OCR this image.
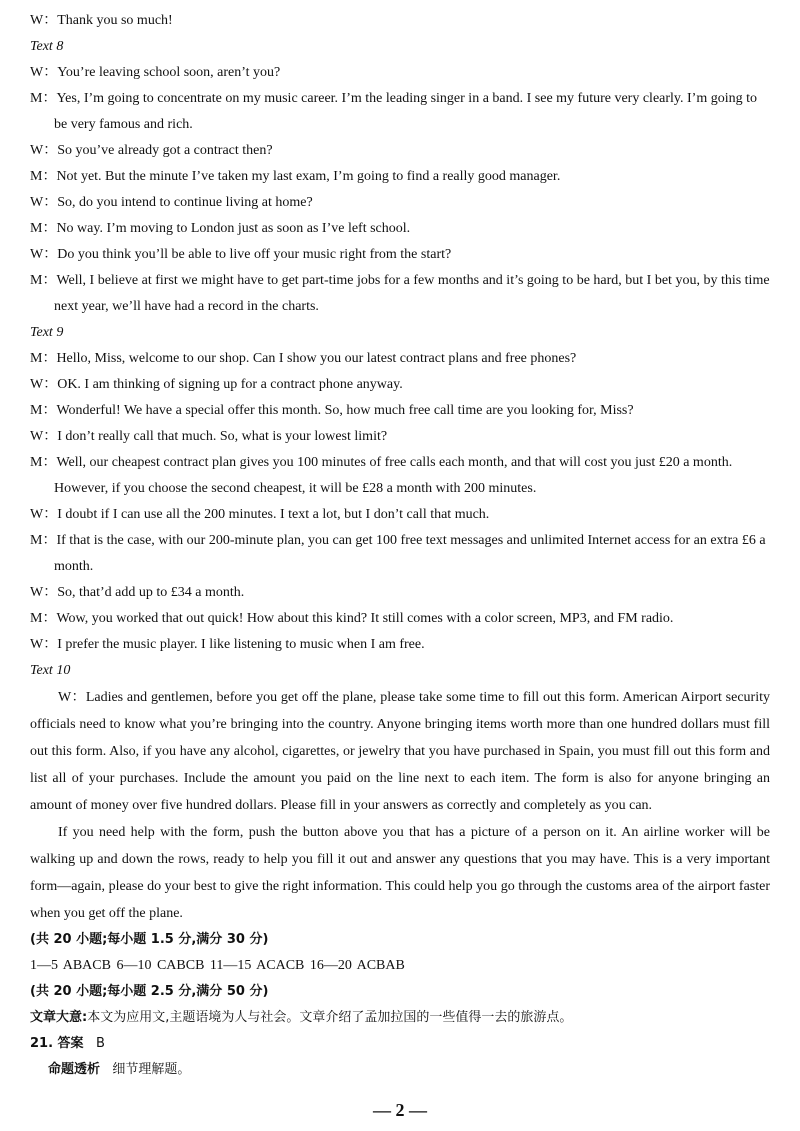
W：Thank you so much!
Text 8
W：You’re leaving school soon, aren’t you?
M：Yes, I’m going to concentrate on my music career. I’m the leading singer in a band. I see my future very clearly. I’m going to be very famous and rich.
W：So you’ve already got a contract then?
M：Not yet. But the minute I’ve taken my last exam, I’m going to find a really good manager.
W：So, do you intend to continue living at home?
M：No way. I’m moving to London just as soon as I’ve left school.
W：Do you think you’ll be able to live off your music right from the start?
M：Well, I believe at first we might have to get part-time jobs for a few months and it’s going to be hard, but I bet you, by this time next year, we’ll have had a record in the charts.
Text 9
M：Hello, Miss, welcome to our shop. Can I show you our latest contract plans and free phones?
W：OK. I am thinking of signing up for a contract phone anyway.
M：Wonderful! We have a special offer this month. So, how much free call time are you looking for, Miss?
W：I don’t really call that much. So, what is your lowest limit?
M：Well, our cheapest contract plan gives you 100 minutes of free calls each month, and that will cost you just £20 a month. However, if you choose the second cheapest, it will be £28 a month with 200 minutes.
W：I doubt if I can use all the 200 minutes. I text a lot, but I don’t call that much.
M：If that is the case, with our 200-minute plan, you can get 100 free text messages and unlimited Internet access for an extra £6 a month.
W：So, that’d add up to £34 a month.
M：Wow, you worked that out quick! How about this kind? It still comes with a color screen, MP3, and FM radio.
W：I prefer the music player. I like listening to music when I am free.
Text 10

W：Ladies and gentlemen, before you get off the plane, please take some time to fill out this form. American Airport security officials need to know what you’re bringing into the country. Anyone bringing items worth more than one hundred dollars must fill out this form. Also, if you have any alcohol, cigarettes, or jewelry that you have purchased in Spain, you must fill out this form and list all of your purchases. Include the amount you paid on the line next to each item. The form is also for anyone bringing an amount of money over five hundred dollars. Please fill in your answers as correctly and completely as you can.

If you need help with the form, push the button above you that has a picture of a person on it. An airline worker will be walking up and down the rows, ready to help you fill it out and answer any questions that you may have. This is a very important form—again, please do your best to give the right information. This could help you go through the customs area of the airport faster when you get off the plane.

(共 20 小题;每小题 1.5 分,满分 30 分)
1—5 ABACB 6—10 CABCB 11—15 ACACB 16—20 ACBAB
(共 20 小题;每小题 2.5 分,满分 50 分)
文章大意:本文为应用文,主题语境为人与社会。文章介绍了孟加拉国的一些值得一去的旅游点。
21. 答案 B
命题透析 细节理解题。
— 2 —
